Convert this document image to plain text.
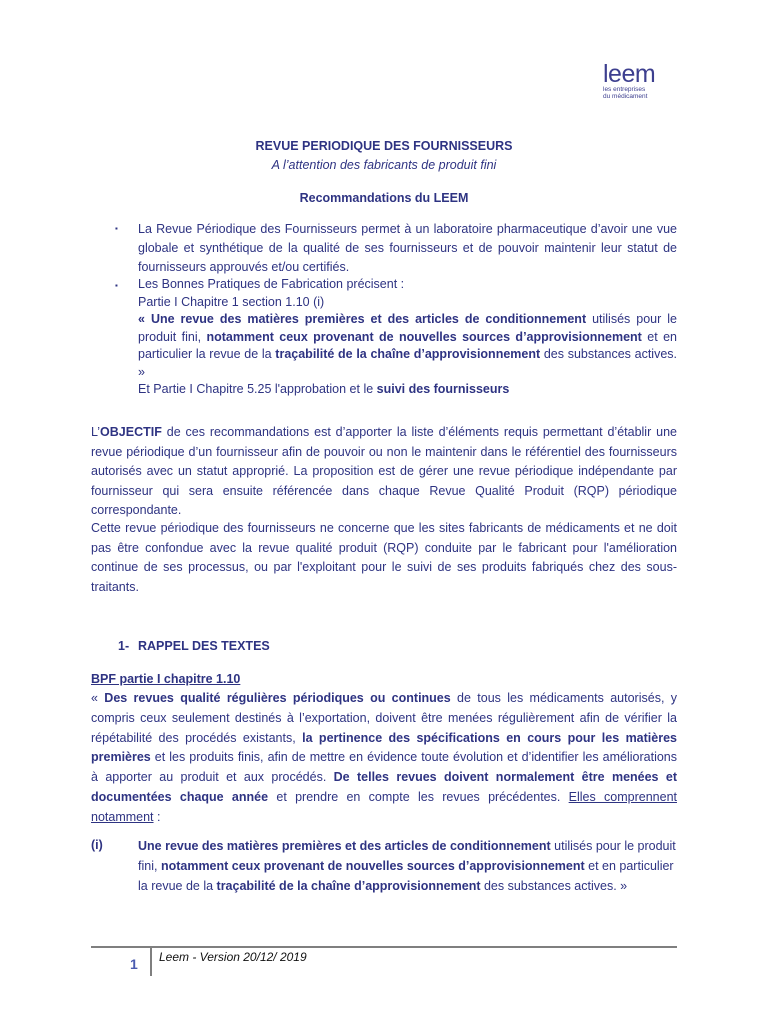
leem
les entreprises
du médicament
REVUE PERIODIQUE DES FOURNISSEURS
A l’attention des fabricants de produit fini
Recommandations du LEEM
▪ La Revue Périodique des Fournisseurs permet à un laboratoire pharmaceutique d’avoir une vue globale et synthétique de la qualité de ses fournisseurs et de pouvoir maintenir leur statut de fournisseurs approuvés et/ou certifiés.
▪ Les Bonnes Pratiques de Fabrication précisent :
Partie I Chapitre 1 section 1.10 (i)
« Une revue des matières premières et des articles de conditionnement utilisés pour le produit fini, notamment ceux provenant de nouvelles sources d’approvisionnement et en particulier la revue de la traçabilité de la chaîne d’approvisionnement des substances actives. »
Et Partie I Chapitre 5.25 l'approbation et le suivi des fournisseurs
L’OBJECTIF de ces recommandations est d’apporter la liste d’éléments requis permettant d’établir une revue périodique d’un fournisseur afin de pouvoir ou non le maintenir dans le référentiel des fournisseurs autorisés avec un statut approprié. La proposition est de gérer une revue périodique indépendante par fournisseur qui sera ensuite référencée dans chaque Revue Qualité Produit (RQP) périodique correspondante.
Cette revue périodique des fournisseurs ne concerne que les sites fabricants de médicaments et ne doit pas être confondue avec la revue qualité produit (RQP) conduite par le fabricant pour l'amélioration continue de ses processus, ou par l'exploitant pour le suivi de ses produits fabriqués chez des sous-traitants.
1- RAPPEL DES TEXTES
BPF partie I chapitre 1.10
« Des revues qualité régulières périodiques ou continues de tous les médicaments autorisés, y compris ceux seulement destinés à l’exportation, doivent être menées régulièrement afin de vérifier la répétabilité des procédés existants, la pertinence des spécifications en cours pour les matières premières et les produits finis, afin de mettre en évidence toute évolution et d’identifier les améliorations à apporter au produit et aux procédés. De telles revues doivent normalement être menées et documentées chaque année et prendre en compte les revues précédentes. Elles comprennent notamment :
(i)	Une revue des matières premières et des articles de conditionnement utilisés pour le produit fini, notamment ceux provenant de nouvelles sources d’approvisionnement et en particulier la revue de la traçabilité de la chaîne d’approvisionnement des substances actives. »
1 Leem - Version 20/12/ 2019
